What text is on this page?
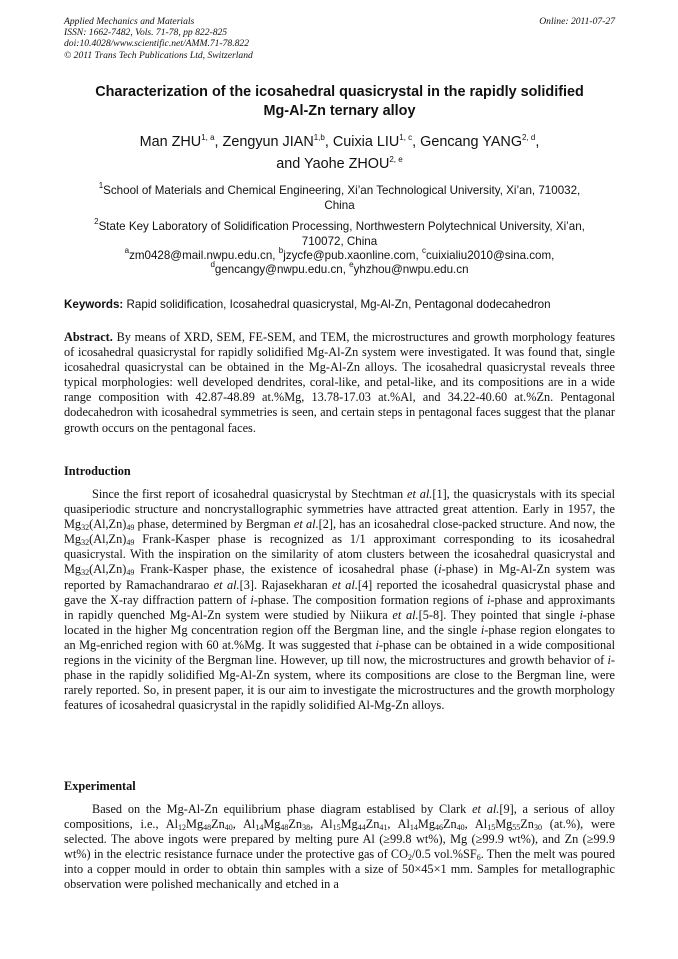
Applied Mechanics and Materials
ISSN: 1662-7482, Vols. 71-78, pp 822-825
doi:10.4028/www.scientific.net/AMM.71-78.822
© 2011 Trans Tech Publications Ltd, Switzerland
Online: 2011-07-27
Characterization of the icosahedral quasicrystal in the rapidly solidified
Mg-Al-Zn ternary alloy
Man ZHU$^{1, a}$, Zengyun JIAN$^{1,b}$, Cuixia LIU$^{1, c}$, Gencang YANG$^{2, d}$,
and Yaohe ZHOU$^{2, e}$
$^1$School of Materials and Chemical Engineering, Xi’an Technological University, Xi’an, 710032,
China
$^2$State Key Laboratory of Solidification Processing, Northwestern Polytechnical University, Xi’an,
710072, China
$^a$zm0428@mail.nwpu.edu.cn, $^b$jzycfe@pub.xaonline.com, $^c$cuixialiu2010@sina.com,
$^d$gencangy@nwpu.edu.cn, $^e$yhzhou@nwpu.edu.cn
Keywords: Rapid solidification, Icosahedral quasicrystal, Mg-Al-Zn, Pentagonal dodecahedron
Abstract. By means of XRD, SEM, FE-SEM, and TEM, the microstructures and growth morphology features of icosahedral quasicrystal for rapidly solidified Mg-Al-Zn system were investigated. It was found that, single icosahedral quasicrystal can be obtained in the Mg-Al-Zn alloys. The icosahedral quasicrystal reveals three typical morphologies: well developed dendrites, coral-like, and petal-like, and its compositions are in a wide range composition with 42.87-48.89 at.%Mg, 13.78-17.03 at.%Al, and 34.22-40.60 at.%Zn. Pentagonal dodecahedron with icosahedral symmetries is seen, and certain steps in pentagonal faces suggest that the planar growth occurs on the pentagonal faces.
Introduction

Since the first report of icosahedral quasicrystal by Stechtman et al.[1], the quasicrystals with its special quasiperiodic structure and noncrystallographic symmetries have attracted great attention. Early in 1957, the $Mg_{32}(Al,Zn)_{49}$ phase, determined by Bergman et al.[2], has an icosahedral close-packed structure. And now, the $Mg_{32}(Al,Zn)_{49}$ Frank-Kasper phase is recognized as 1/1 approximant corresponding to its icosahedral quasicrystal. With the inspiration on the similarity of atom clusters between the icosahedral quasicrystal and $Mg_{32}(Al,Zn)_{49}$ Frank-Kasper phase, the existence of icosahedral phase (i-phase) in Mg-Al-Zn system was reported by Ramachandrarao et al.[3]. Rajasekharan et al.[4] reported the icosahedral quasicrystal phase and gave the X-ray diffraction pattern of i-phase. The composition formation regions of i-phase and approximants in rapidly quenched Mg-Al-Zn system were studied by Niikura et al.[5-8]. They pointed that single i-phase located in the higher Mg concentration region off the Bergman line, and the single i-phase region elongates to an Mg-enriched region with 60 at.%Mg. It was suggested that i-phase can be obtained in a wide compositional regions in the vicinity of the Bergman line. However, up till now, the microstructures and growth behavior of i-phase in the rapidly solidified Mg-Al-Zn system, where its compositions are close to the Bergman line, were rarely reported. So, in present paper, it is our aim to investigate the microstructures and the growth morphology features of icosahedral quasicrystal in the rapidly solidified Al-Mg-Zn alloys.

Experimental

Based on the Mg-Al-Zn equilibrium phase diagram establised by Clark et al.[9], a serious of alloy compositions, i.e., $Al_{12}Mg_{48}Zn_{40}$, $Al_{14}Mg_{48}Zn_{38}$, $Al_{15}Mg_{44}Zn_{41}$, $Al_{14}Mg_{46}Zn_{40}$, $Al_{15}Mg_{55}Zn_{30}$ (at.%), were selected. The above ingots were prepared by melting pure Al (≥99.8 wt%), Mg (≥99.9 wt%), and Zn (≥99.9 wt%) in the electric resistance furnace under the protective gas of $CO_2/0.5$ $vol.\%SF_6$. Then the melt was poured into a copper mould in order to obtain thin samples with a size of 50×45×1 mm. Samples for metallographic observation were polished mechanically and etched in a
